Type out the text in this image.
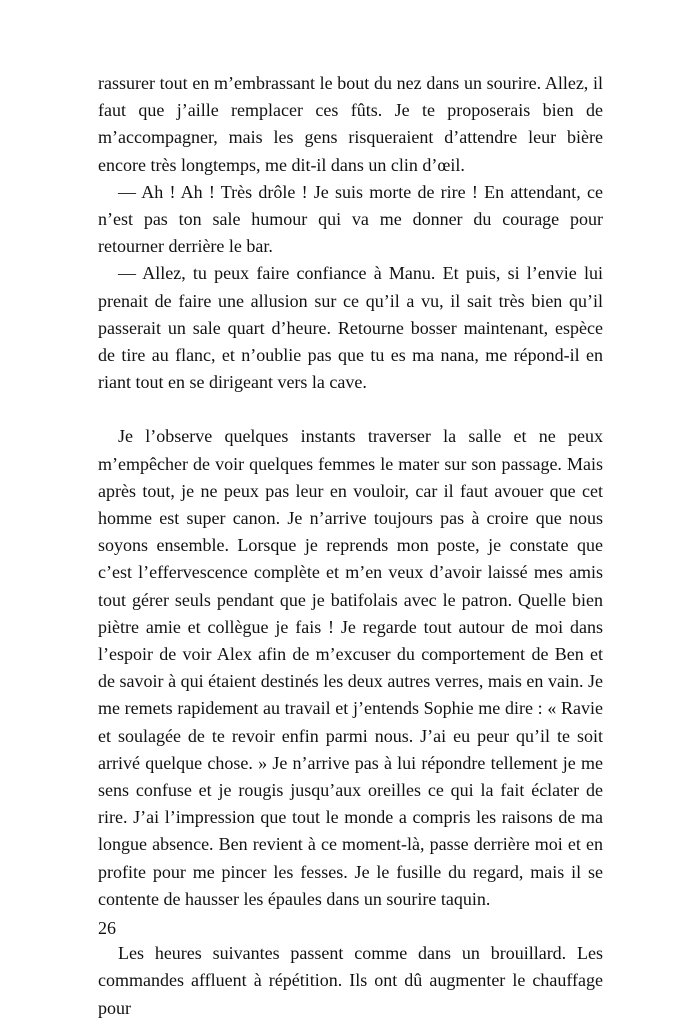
rassurer tout en m’embrassant le bout du nez dans un sourire. Allez, il faut que j’aille remplacer ces fûts. Je te proposerais bien de m’accompagner, mais les gens risqueraient d’attendre leur bière encore très longtemps, me dit-il dans un clin d’œil.

— Ah ! Ah ! Très drôle ! Je suis morte de rire ! En attendant, ce n’est pas ton sale humour qui va me donner du courage pour retourner derrière le bar.

— Allez, tu peux faire confiance à Manu. Et puis, si l’envie lui prenait de faire une allusion sur ce qu’il a vu, il sait très bien qu’il passerait un sale quart d’heure. Retourne bosser maintenant, espèce de tire au flanc, et n’oublie pas que tu es ma nana, me répond-il en riant tout en se dirigeant vers la cave.

Je l’observe quelques instants traverser la salle et ne peux m’empêcher de voir quelques femmes le mater sur son passage. Mais après tout, je ne peux pas leur en vouloir, car il faut avouer que cet homme est super canon. Je n’arrive toujours pas à croire que nous soyons ensemble. Lorsque je reprends mon poste, je constate que c’est l’effervescence complète et m’en veux d’avoir laissé mes amis tout gérer seuls pendant que je batifolais avec le patron. Quelle bien piètre amie et collègue je fais ! Je regarde tout autour de moi dans l’espoir de voir Alex afin de m’excuser du comportement de Ben et de savoir à qui étaient destinés les deux autres verres, mais en vain. Je me remets rapidement au travail et j’entends Sophie me dire : « Ravie et soulagée de te revoir enfin parmi nous. J’ai eu peur qu’il te soit arrivé quelque chose. » Je n’arrive pas à lui répondre tellement je me sens confuse et je rougis jusqu’aux oreilles ce qui la fait éclater de rire. J’ai l’impression que tout le monde a compris les raisons de ma longue absence. Ben revient à ce moment-là, passe derrière moi et en profite pour me pincer les fesses. Je le fusille du regard, mais il se contente de hausser les épaules dans un sourire taquin.

Les heures suivantes passent comme dans un brouillard. Les commandes affluent à répétition. Ils ont dû augmenter le chauffage pour

26
